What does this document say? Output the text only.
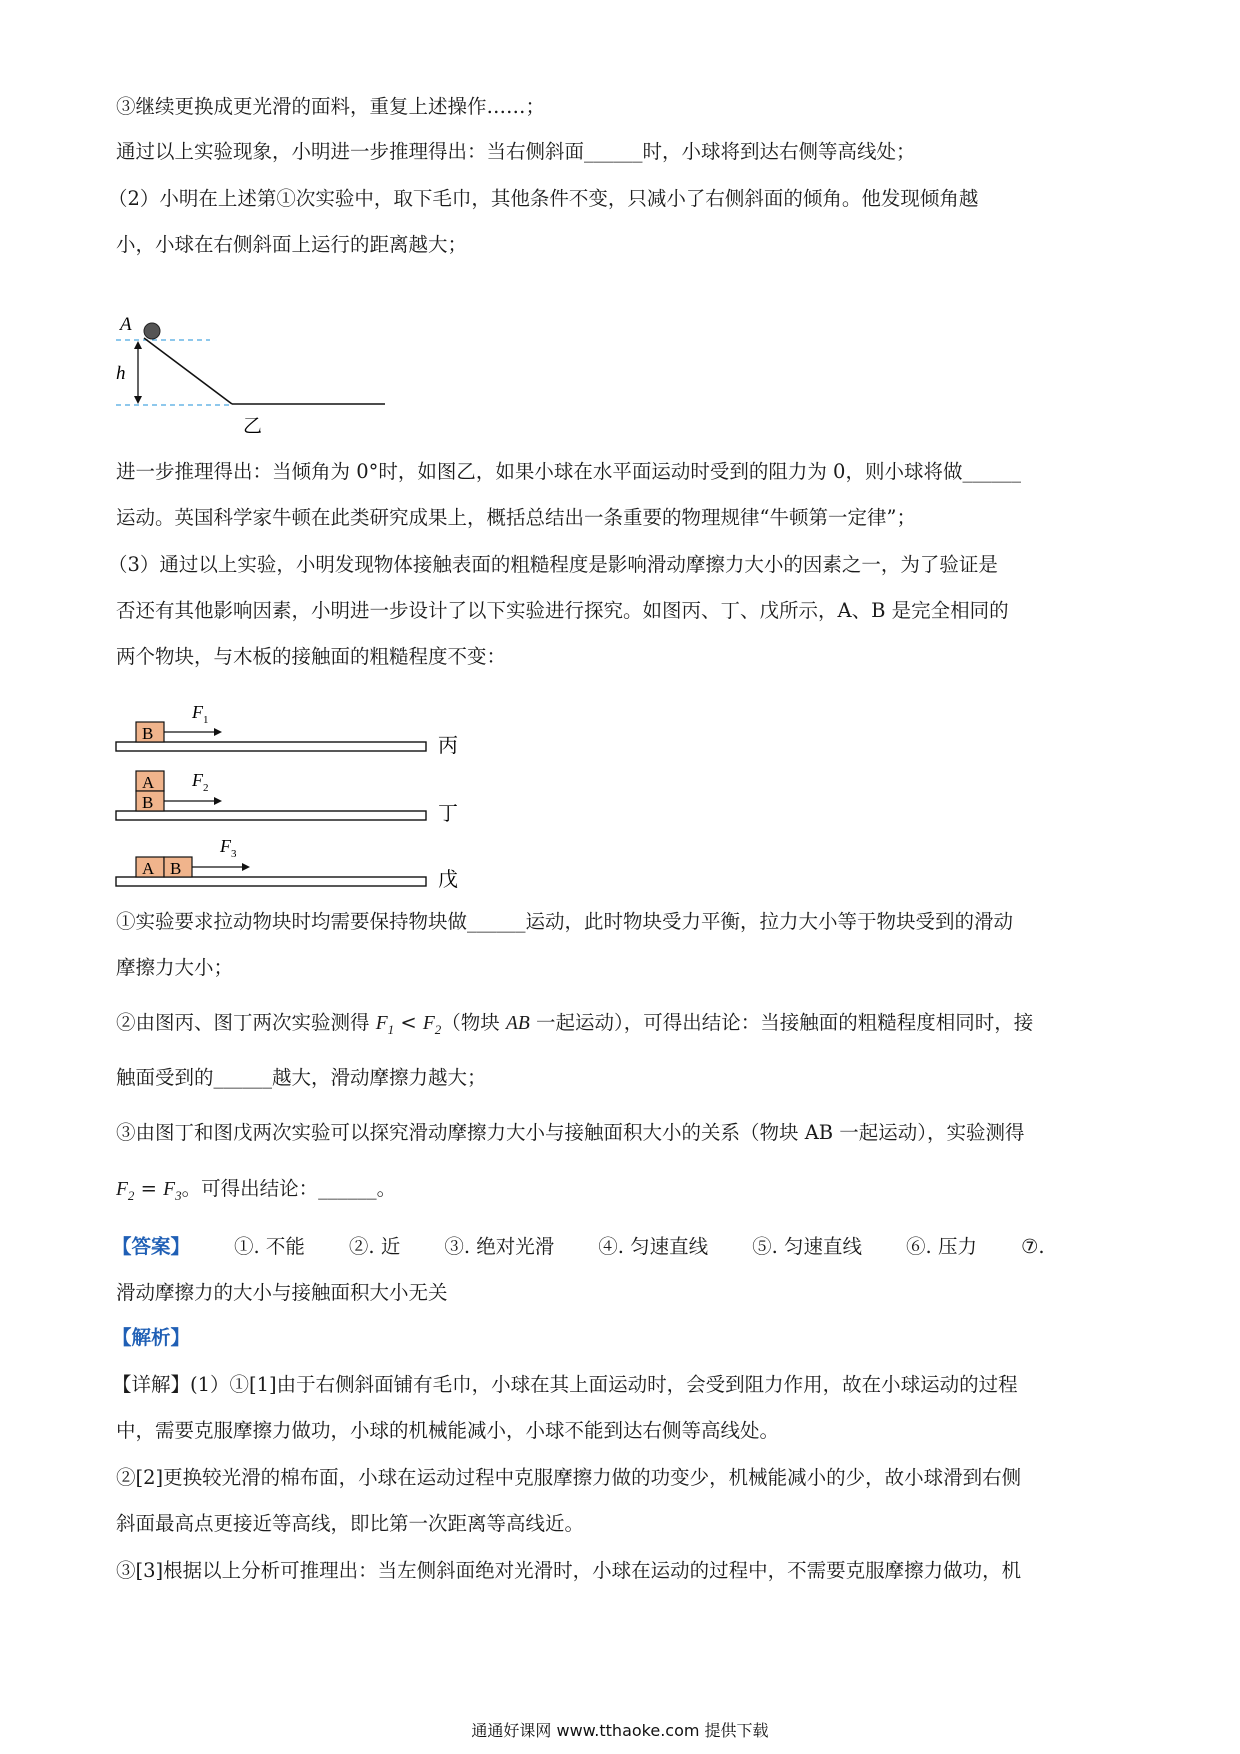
③继续更换成更光滑的面料，重复上述操作……；
通过以上实验现象，小明进一步推理得出：当右侧斜面______时，小球将到达右侧等高线处；
（2）小明在上述第①次实验中，取下毛巾，其他条件不变，只减小了右侧斜面的倾角。他发现倾角越
小，小球在右侧斜面上运行的距离越大；
A
h
乙
进一步推理得出：当倾角为 0°时，如图乙，如果小球在水平面运动时受到的阻力为 0，则小球将做______
运动。英国科学家牛顿在此类研究成果上，概括总结出一条重要的物理规律“牛顿第一定律”；
（3）通过以上实验，小明发现物体接触表面的粗糙程度是影响滑动摩擦力大小的因素之一，为了验证是
否还有其他影响因素，小明进一步设计了以下实验进行探究。如图丙、丁、戊所示，A、B 是完全相同的
两个物块，与木板的接触面的粗糙程度不变：
B
$F_1$
丙
A
B
$F_2$
丁
A B
$F_3$
戊
①实验要求拉动物块时均需要保持物块做______运动，此时物块受力平衡，拉力大小等于物块受到的滑动
摩擦力大小；
②由图丙、图丁两次实验测得 $F_1 < F_2$（物块 AB 一起运动），可得出结论：当接触面的粗糙程度相同时，接
触面受到的______越大，滑动摩擦力越大；
③由图丁和图戊两次实验可以探究滑动摩擦力大小与接触面积大小的关系（物块 AB 一起运动），实验测得
$F_2 = F_3$。可得出结论：______。
【答案】 ①. 不能 ②. 近 ③. 绝对光滑 ④. 匀速直线 ⑤. 匀速直线 ⑥. 压力 ⑦.
滑动摩擦力的大小与接触面积大小无关
【解析】
【详解】(1）①[1]由于右侧斜面铺有毛巾，小球在其上面运动时，会受到阻力作用，故在小球运动的过程
中，需要克服摩擦力做功，小球的机械能减小，小球不能到达右侧等高线处。
②[2]更换较光滑的棉布面，小球在运动过程中克服摩擦力做的功变少，机械能减小的少，故小球滑到右侧
斜面最高点更接近等高线，即比第一次距离等高线近。
③[3]根据以上分析可推理出：当左侧斜面绝对光滑时，小球在运动的过程中，不需要克服摩擦力做功，机
通通好课网 www.tthaoke.com 提供下载
